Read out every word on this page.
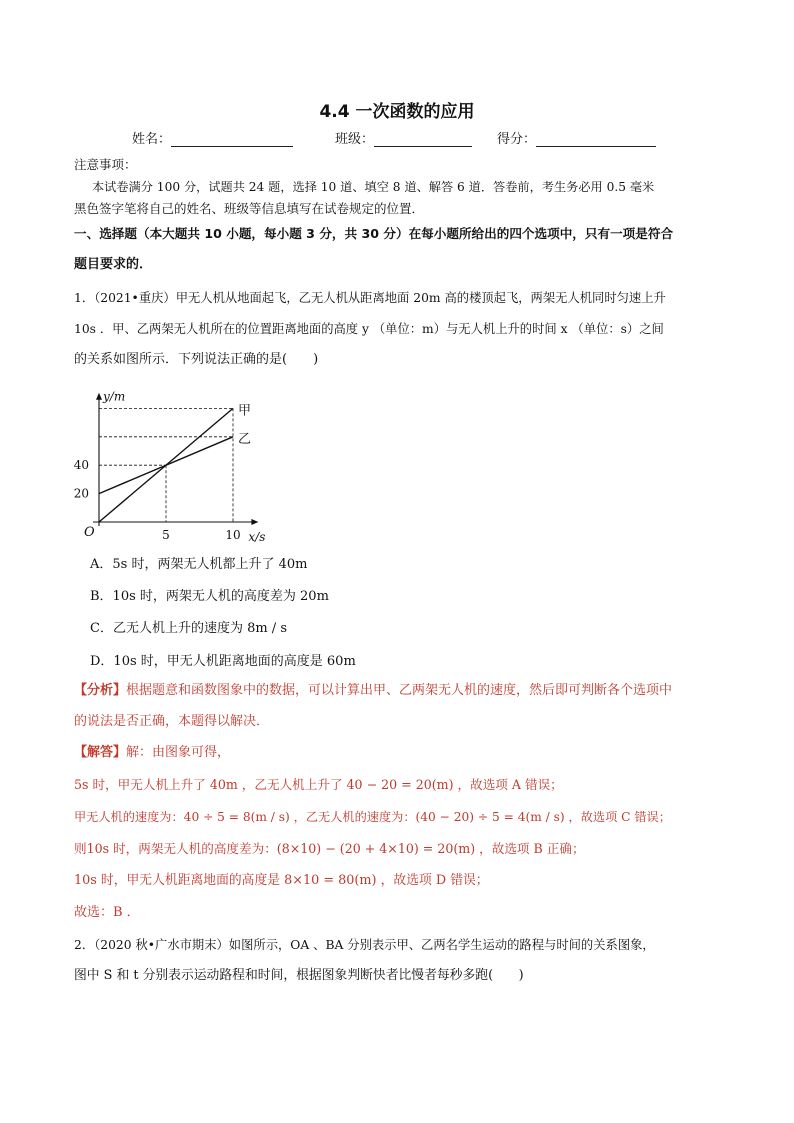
4.4 一次函数的应用
姓名：	班级：	得分：
注意事项：
本试卷满分 100 分，试题共 24 题，选择 10 道、填空 8 道、解答 6 道．答卷前，考生务必用 0.5 毫米
黑色签字笔将自己的姓名、班级等信息填写在试卷规定的位置．
一、选择题（本大题共 10 小题，每小题 3 分，共 30 分）在每小题所给出的四个选项中，只有一项是符合
题目要求的．
1．（2021•重庆）甲无人机从地面起飞，乙无人机从距离地面 20m 高的楼顶起飞，两架无人机同时匀速上升
10s ．甲、乙两架无人机所在的位置距离地面的高度 y （单位：m）与无人机上升的时间 x （单位：s）之间
的关系如图所示．下列说法正确的是(　　)
y/m
x/s
O	5	10
20
40
甲
乙
A．5s 时，两架无人机都上升了 40m
B．10s 时，两架无人机的高度差为 20m
C．乙无人机上升的速度为 8m / s
D．10s 时，甲无人机距离地面的高度是 60m
【分析】根据题意和函数图象中的数据，可以计算出甲、乙两架无人机的速度，然后即可判断各个选项中
的说法是否正确，本题得以解决．
【解答】解：由图象可得，
5s 时，甲无人机上升了 40m ，乙无人机上升了 40 − 20 = 20(m) ，故选项 A 错误；
甲无人机的速度为：40 ÷ 5 = 8(m / s) ，乙无人机的速度为：(40 − 20) ÷ 5 = 4(m / s) ，故选项 C 错误；
则10s 时，两架无人机的高度差为：(8×10) − (20 + 4×10) = 20(m) ，故选项 B 正确；
10s 时，甲无人机距离地面的高度是 8×10 = 80(m) ，故选项 D 错误；
故选：B ．
2．（2020 秋•广水市期末）如图所示，OA 、BA 分别表示甲、乙两名学生运动的路程与时间的关系图象，
图中 S 和 t 分别表示运动路程和时间，根据图象判断快者比慢者每秒多跑(　　)
